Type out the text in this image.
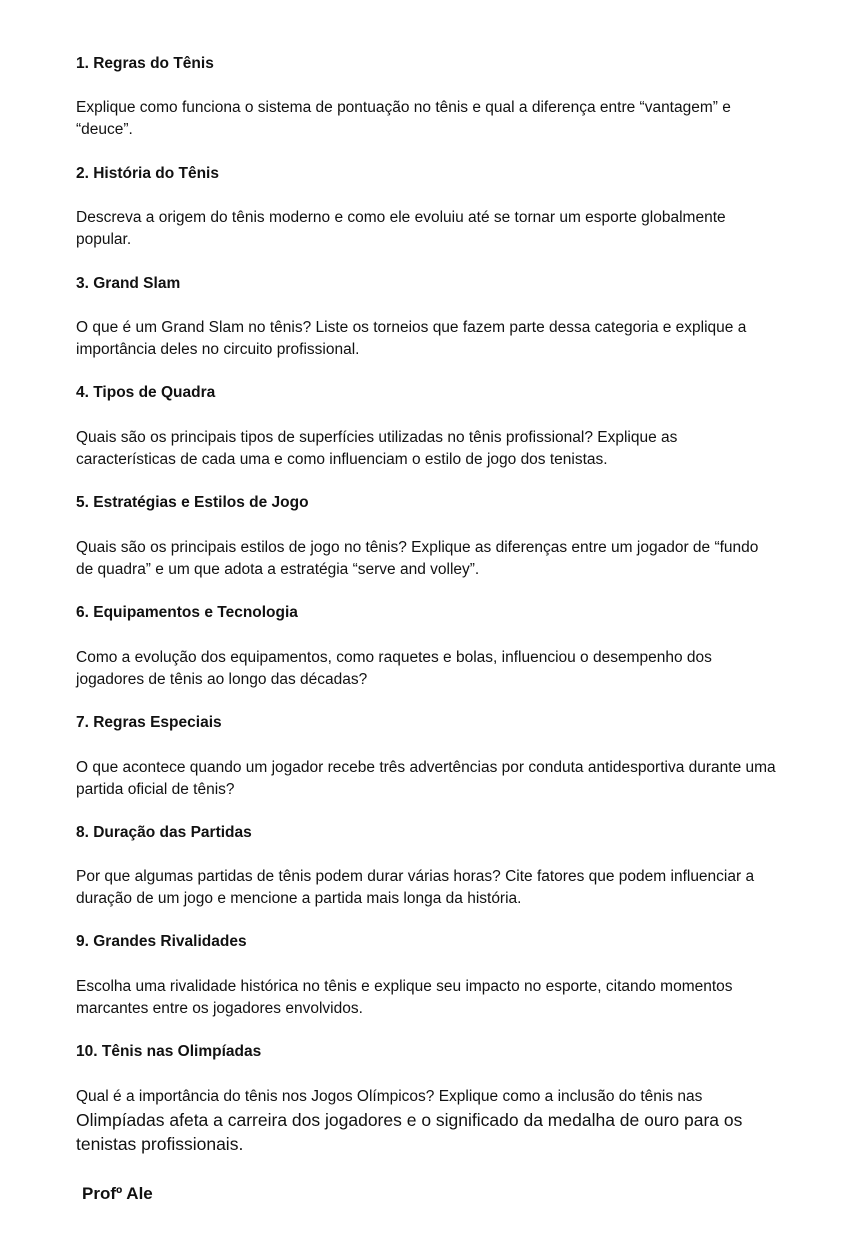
1. Regras do Tênis

Explique como funciona o sistema de pontuação no tênis e qual a diferença entre “vantagem” e
“deuce”.

2. História do Tênis

Descreva a origem do tênis moderno e como ele evoluiu até se tornar um esporte globalmente
popular.

3. Grand Slam

O que é um Grand Slam no tênis? Liste os torneios que fazem parte dessa categoria e explique a
importância deles no circuito profissional.

4. Tipos de Quadra

Quais são os principais tipos de superfícies utilizadas no tênis profissional? Explique as
características de cada uma e como influenciam o estilo de jogo dos tenistas.

5. Estratégias e Estilos de Jogo

Quais são os principais estilos de jogo no tênis? Explique as diferenças entre um jogador de “fundo
de quadra” e um que adota a estratégia “serve and volley”.

6. Equipamentos e Tecnologia

Como a evolução dos equipamentos, como raquetes e bolas, influenciou o desempenho dos
jogadores de tênis ao longo das décadas?

7. Regras Especiais

O que acontece quando um jogador recebe três advertências por conduta antidesportiva durante uma
partida oficial de tênis?

8. Duração das Partidas

Por que algumas partidas de tênis podem durar várias horas? Cite fatores que podem influenciar a
duração de um jogo e mencione a partida mais longa da história.

9. Grandes Rivalidades

Escolha uma rivalidade histórica no tênis e explique seu impacto no esporte, citando momentos
marcantes entre os jogadores envolvidos.

10. Tênis nas Olimpíadas

Qual é a importância do tênis nos Jogos Olímpicos? Explique como a inclusão do tênis nas
Olimpíadas afeta a carreira dos jogadores e o significado da medalha de ouro para os
tenistas profissionais.

Profº Ale
